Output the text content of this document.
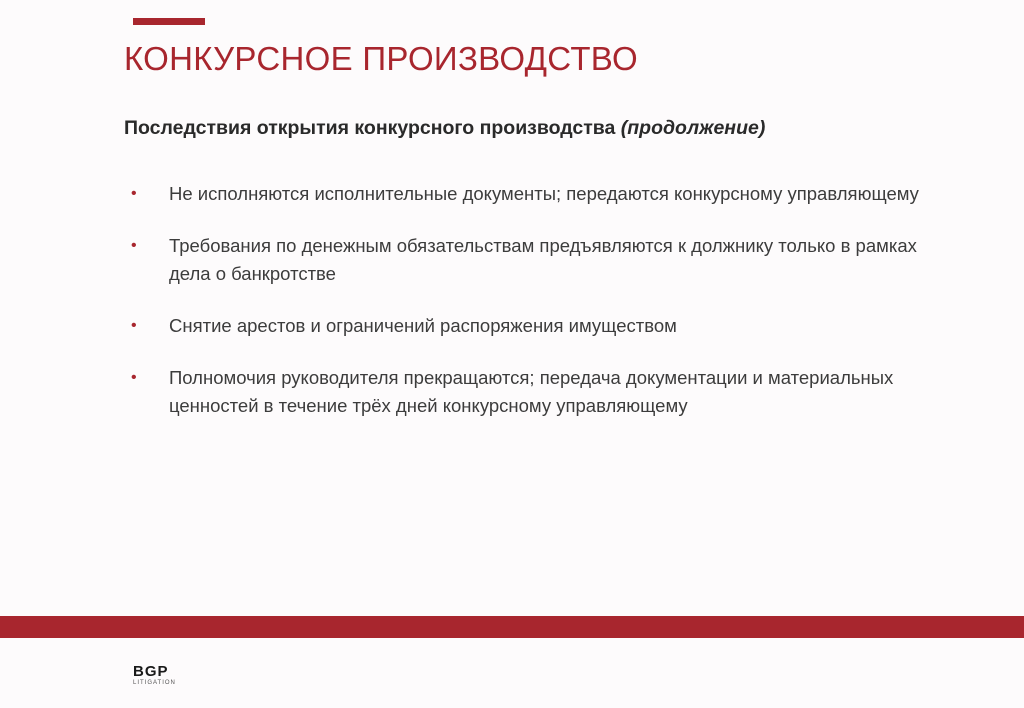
КОНКУРСНОЕ ПРОИЗВОДСТВО
Последствия открытия конкурсного производства (продолжение)
• Не исполняются исполнительные документы; передаются конкурсному управляющему
• Требования по денежным обязательствам предъявляются к должнику только в рамках дела о банкротстве
• Снятие арестов и ограничений распоряжения имуществом
• Полномочия руководителя прекращаются; передача документации и материальных ценностей в течение трёх дней конкурсному управляющему
BGP
LITIGATION
